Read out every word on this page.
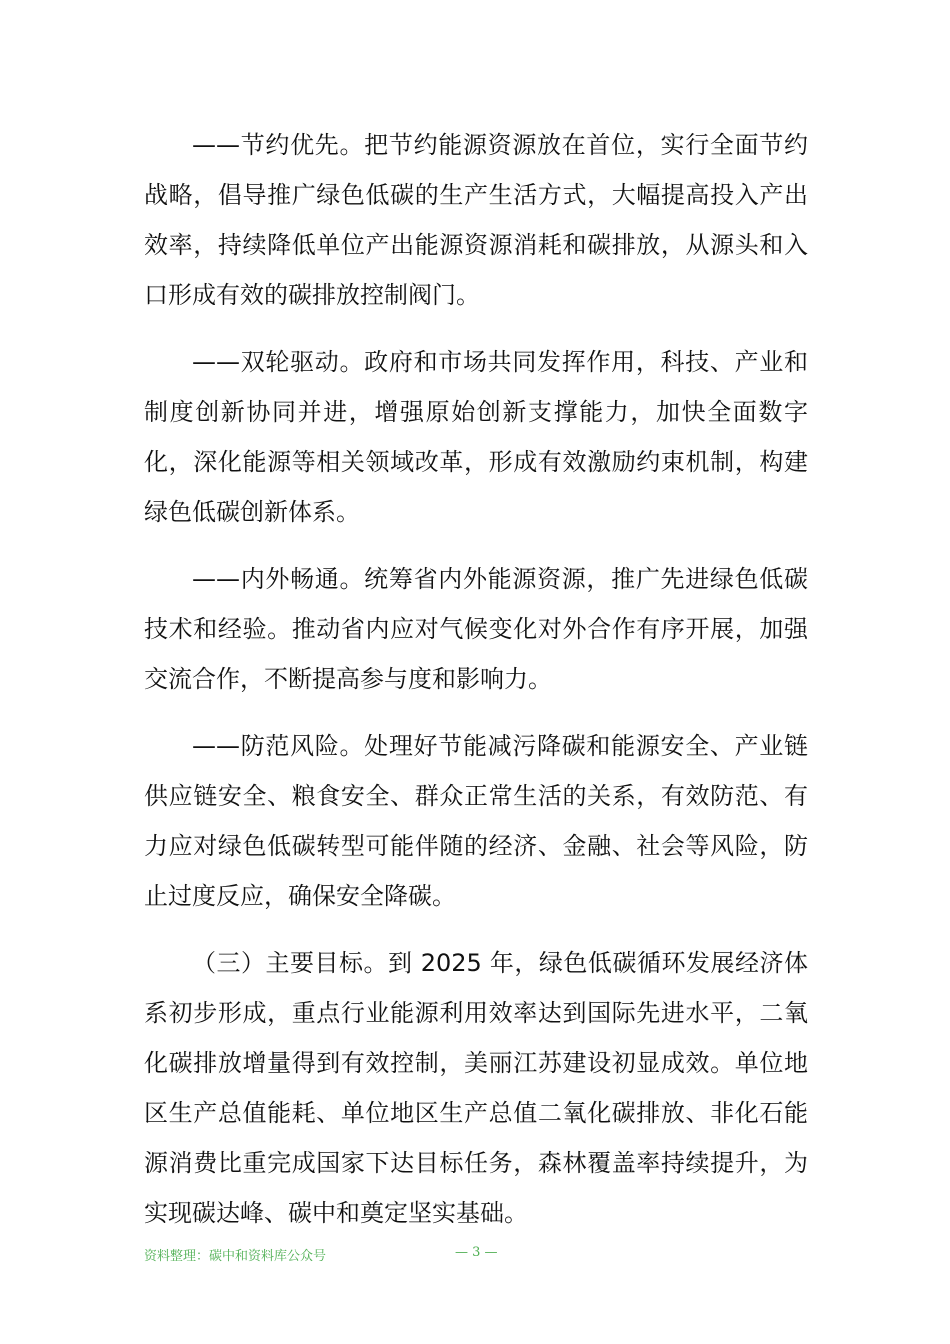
——节约优先。把节约能源资源放在首位，实行全面节约战略，倡导推广绿色低碳的生产生活方式，大幅提高投入产出效率，持续降低单位产出能源资源消耗和碳排放，从源头和入口形成有效的碳排放控制阀门。

——双轮驱动。政府和市场共同发挥作用，科技、产业和制度创新协同并进，增强原始创新支撑能力，加快全面数字化，深化能源等相关领域改革，形成有效激励约束机制，构建绿色低碳创新体系。

——内外畅通。统筹省内外能源资源，推广先进绿色低碳技术和经验。推动省内应对气候变化对外合作有序开展，加强交流合作，不断提高参与度和影响力。

——防范风险。处理好节能减污降碳和能源安全、产业链供应链安全、粮食安全、群众正常生活的关系，有效防范、有力应对绿色低碳转型可能伴随的经济、金融、社会等风险，防止过度反应，确保安全降碳。

（三）主要目标。到 2025 年，绿色低碳循环发展经济体系初步形成，重点行业能源利用效率达到国际先进水平，二氧化碳排放增量得到有效控制，美丽江苏建设初显成效。单位地区生产总值能耗、单位地区生产总值二氧化碳排放、非化石能源消费比重完成国家下达目标任务，森林覆盖率持续提升，为实现碳达峰、碳中和奠定坚实基础。

资料整理：碳中和资料库公众号	— 3 —
